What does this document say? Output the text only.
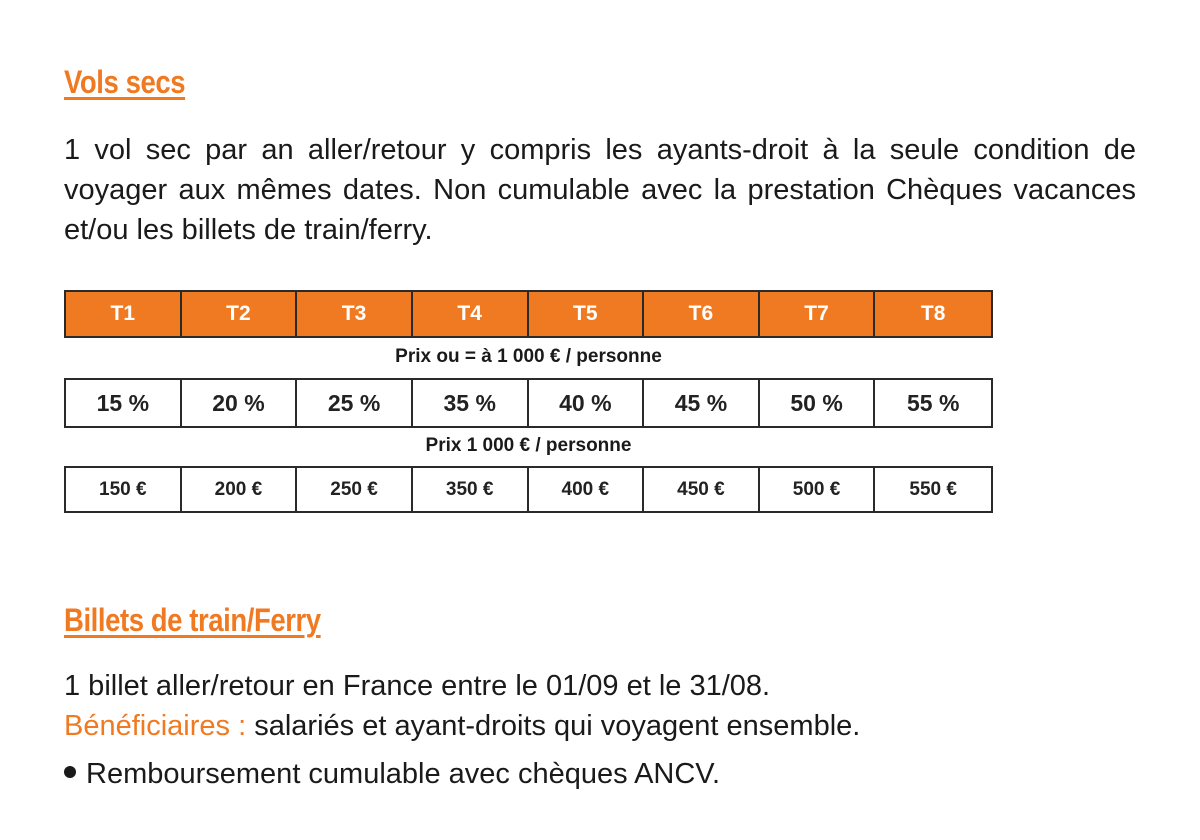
Vols secs

1 vol sec par an aller/retour y compris les ayants-droit à la seule condition de voyager aux mêmes dates. Non cumulable avec la prestation Chèques vacances et/ou les billets de train/ferry.

T1	T2	T3	T4	T5	T6	T7	T8

Prix ou = à 1 000 € / personne

15 %	20 %	25 %	35 %	40 %	45 %	50 %	55 %

Prix 1 000 € / personne

150 €	200 €	250 €	350 €	400 €	450 €	500 €	550 €
Billets de train/Ferry

1 billet aller/retour en France entre le 01/09 et le 31/08.

Bénéficiaires : salariés et ayant-droits qui voyagent ensemble.

Remboursement cumulable avec chèques ANCV.
